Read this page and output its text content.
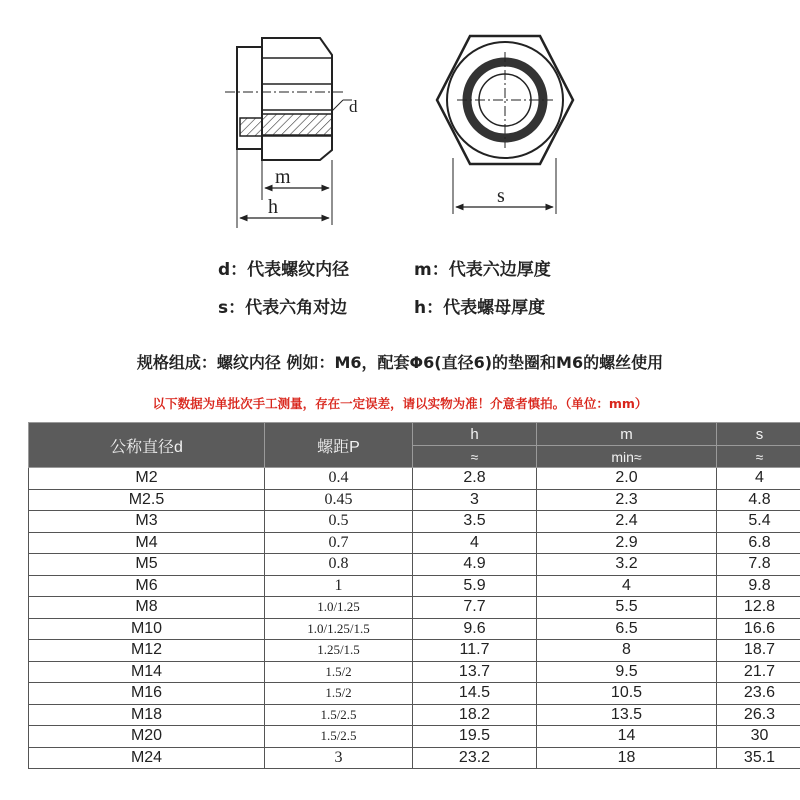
d
m
h	s
d：代表螺纹内径	m：代表六边厚度
s：代表六角对边	h：代表螺母厚度
规格组成：螺纹内径 例如：M6，配套Φ6(直径6)的垫圈和M6的螺丝使用
以下数据为单批次手工测量，存在一定误差，请以实物为准！介意者慎拍。（单位：mm）
公称直径d	螺距P	h	m	s
		≈	min≈	≈
M2	0.4	2.8	2.0	4
M2.5	0.45	3	2.3	4.8
M3	0.5	3.5	2.4	5.4
M4	0.7	4	2.9	6.8
M5	0.8	4.9	3.2	7.8
M6	1	5.9	4	9.8
M8	1.0/1.25	7.7	5.5	12.8
M10	1.0/1.25/1.5	9.6	6.5	16.6
M12	1.25/1.5	11.7	8	18.7
M14	1.5/2	13.7	9.5	21.7
M16	1.5/2	14.5	10.5	23.6
M18	1.5/2.5	18.2	13.5	26.3
M20	1.5/2.5	19.5	14	30
M24	3	23.2	18	35.1
